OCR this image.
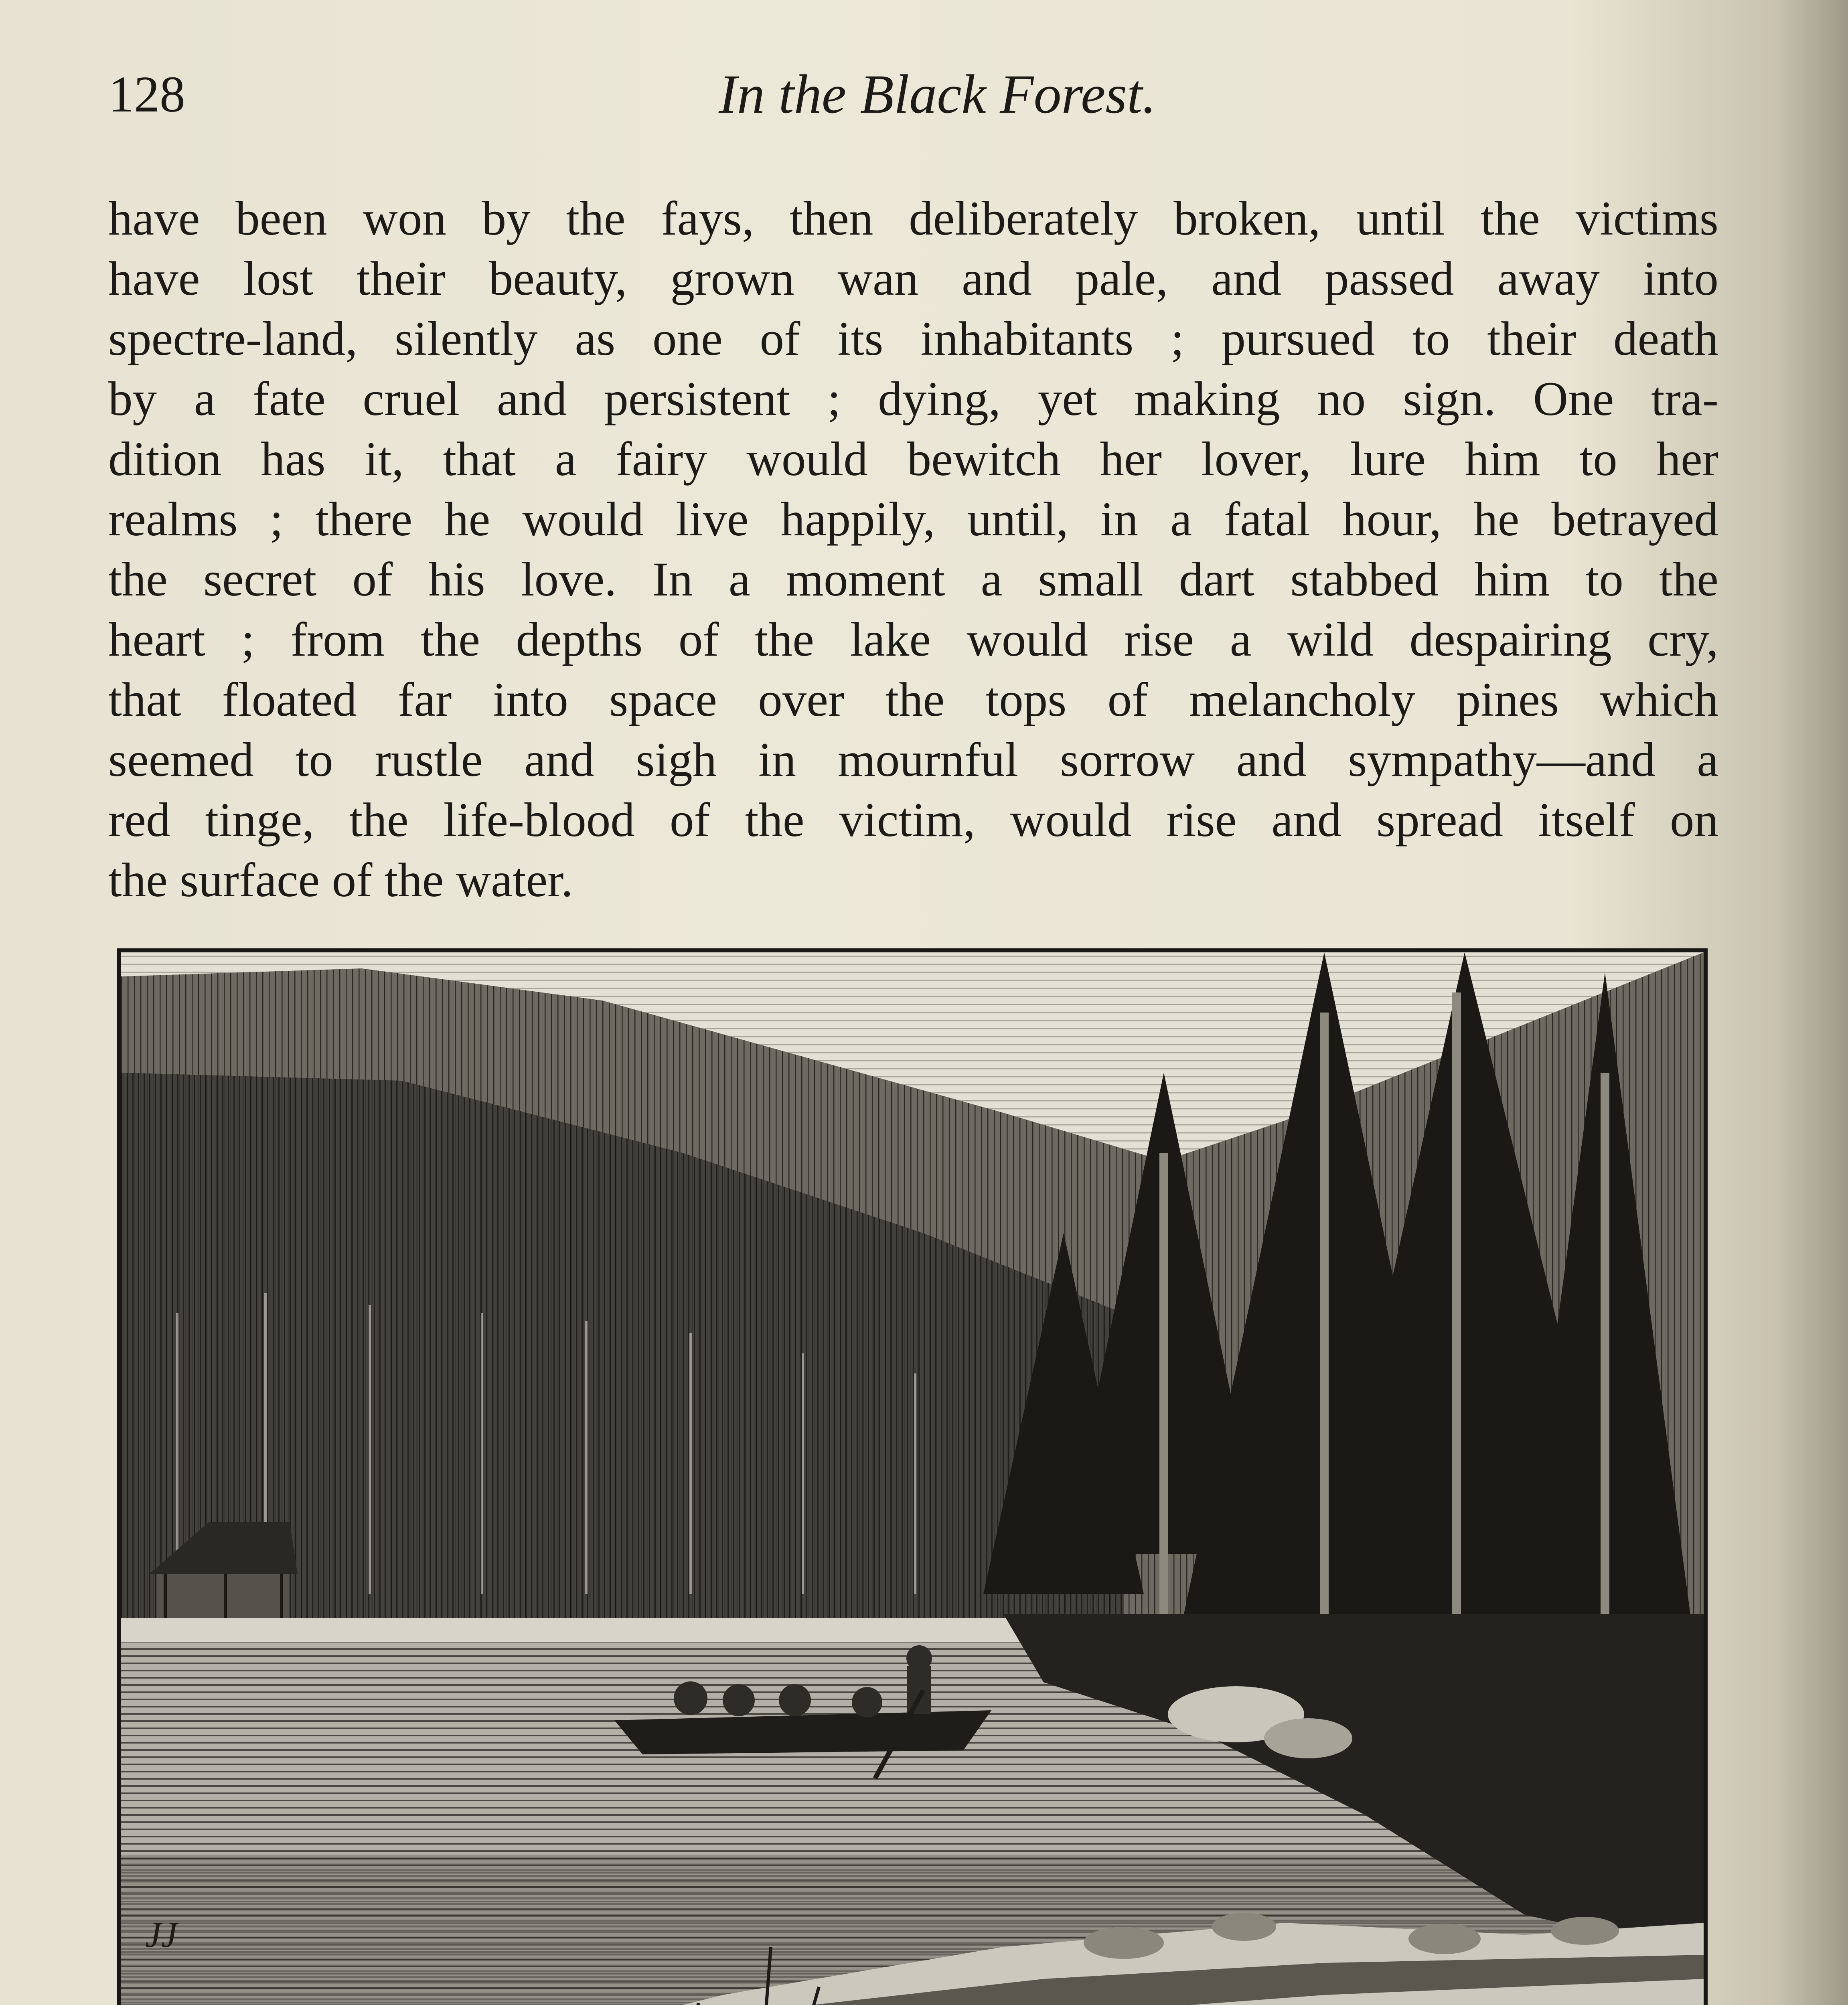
128	In the Black Forest.

have been won by the fays, then deliberately broken, until the victims
have lost their beauty, grown wan and pale, and passed away into
spectre-land, silently as one of its inhabitants ; pursued to their death
by a fate cruel and persistent ; dying, yet making no sign. One tra-
dition has it, that a fairy would bewitch her lover, lure him to her
realms ; there he would live happily, until, in a fatal hour, he betrayed
the secret of his love. In a moment a small dart stabbed him to the
heart ; from the depths of the lake would rise a wild despairing cry,
that floated far into space over the tops of melancholy pines which
seemed to rustle and sigh in mournful sorrow and sympathy—and a
red tinge, the life-blood of the victim, would rise and spread itself on
the surface of the water.

JJ
